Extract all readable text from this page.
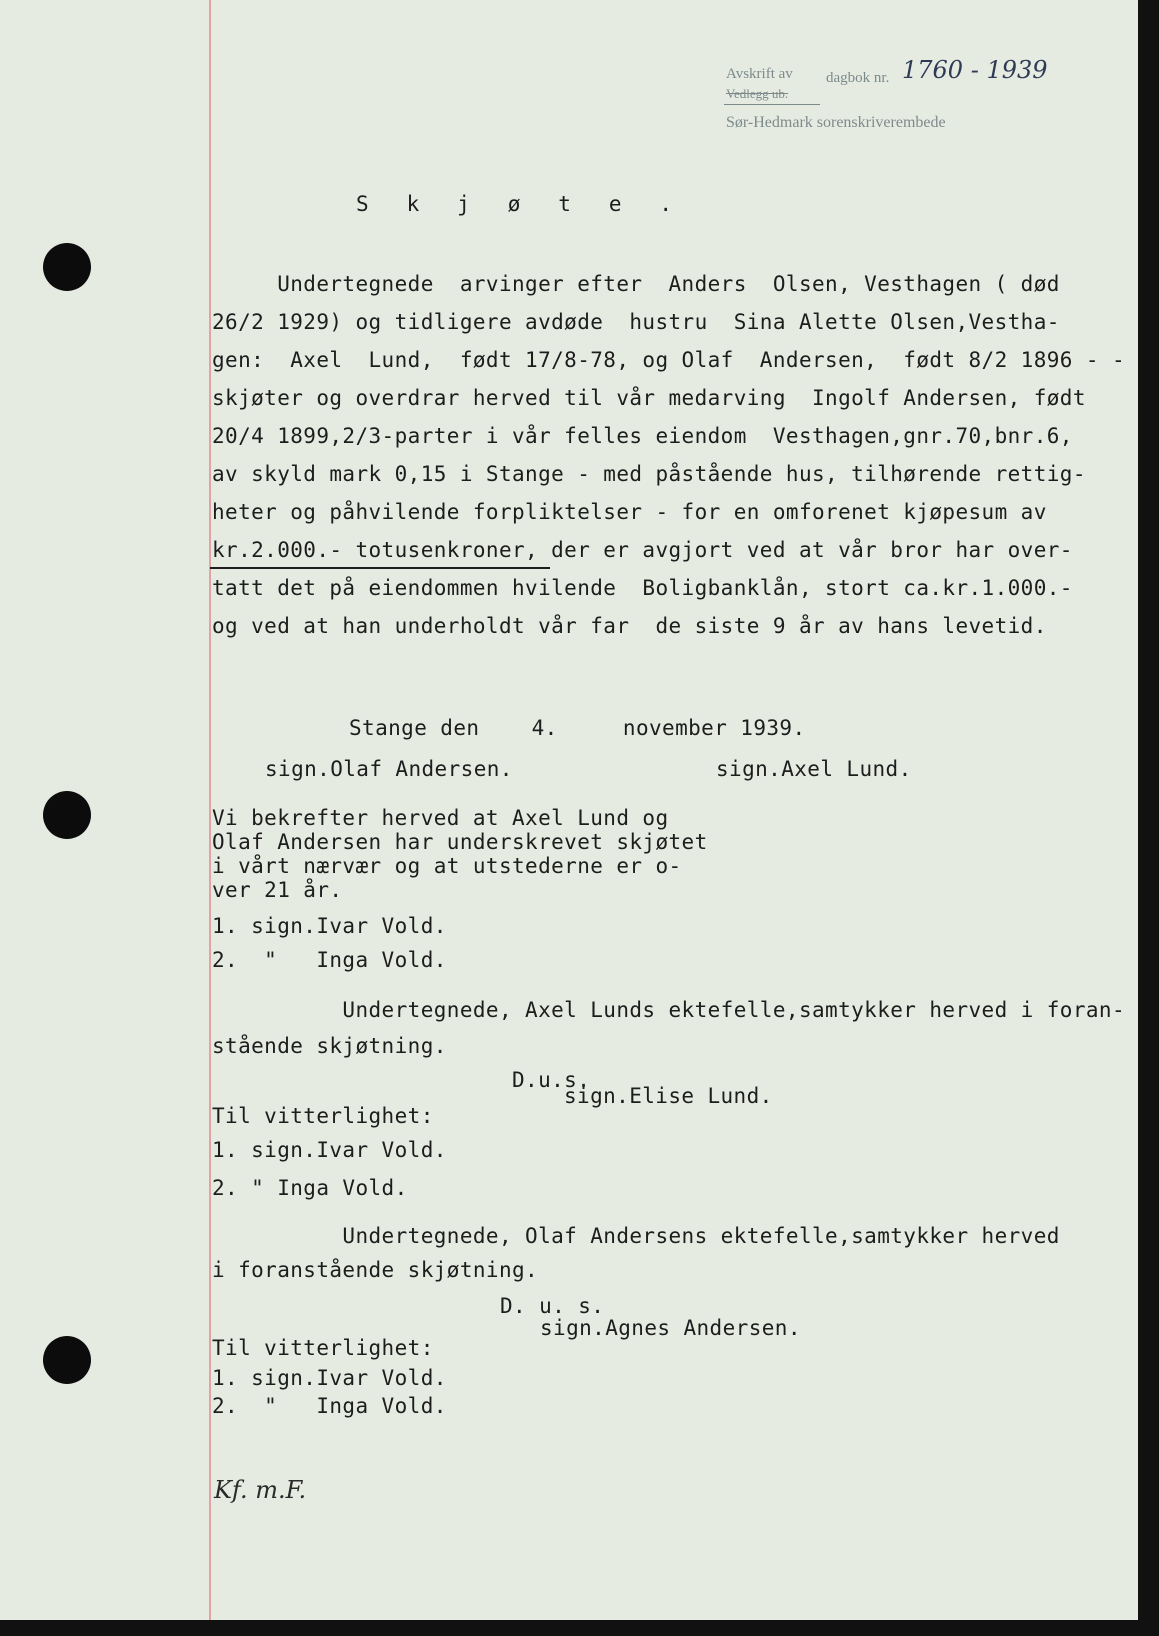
Avskrift av
Vedlegg ub.
dagbok nr. 1760 - 1939
Sør-Hedmark sorenskriverembede
S   k   j   ø   t   e   .
Undertegnede  arvinger efter  Anders  Olsen, Vesthagen ( død
26/2 1929) og tidligere avdøde  hustru  Sina Alette Olsen,Vestha-
gen:  Axel  Lund,  født 17/8-78, og Olaf  Andersen,  født 8/2 1896 - -
skjøter og overdrar herved til vår medarving  Ingolf Andersen, født
20/4 1899,2/3-parter i vår felles eiendom  Vesthagen,gnr.70,bnr.6,
av skyld mark 0,15 i Stange - med påstående hus, tilhørende rettig-
heter og påhvilende forpliktelser - for en omforenet kjøpesum av
kr.2.000.- totusenkroner, der er avgjort ved at vår bror har over-
tatt det på eiendommen hvilende  Boligbanklån, stort ca.kr.1.000.-
og ved at han underholdt vår far  de siste 9 år av hans levetid.
Stange den    4.     november 1939.
sign.Olaf Andersen.	sign.Axel Lund.
Vi bekrefter herved at Axel Lund og
Olaf Andersen har underskrevet skjøtet
i vårt nærvær og at utstederne er o-
ver 21 år.
1. sign.Ivar Vold.
2.  "   Inga Vold.
Undertegnede, Axel Lunds ektefelle,samtykker herved i foran-
stående skjøtning.
D.u.s.
sign.Elise Lund.
Til vitterlighet:
1. sign.Ivar Vold.
2. " Inga Vold.
Undertegnede, Olaf Andersens ektefelle,samtykker herved
i foranstående skjøtning.
D. u. s.
sign.Agnes Andersen.
Til vitterlighet:
1. sign.Ivar Vold.
2.  "   Inga Vold.
Kf. m.F.
